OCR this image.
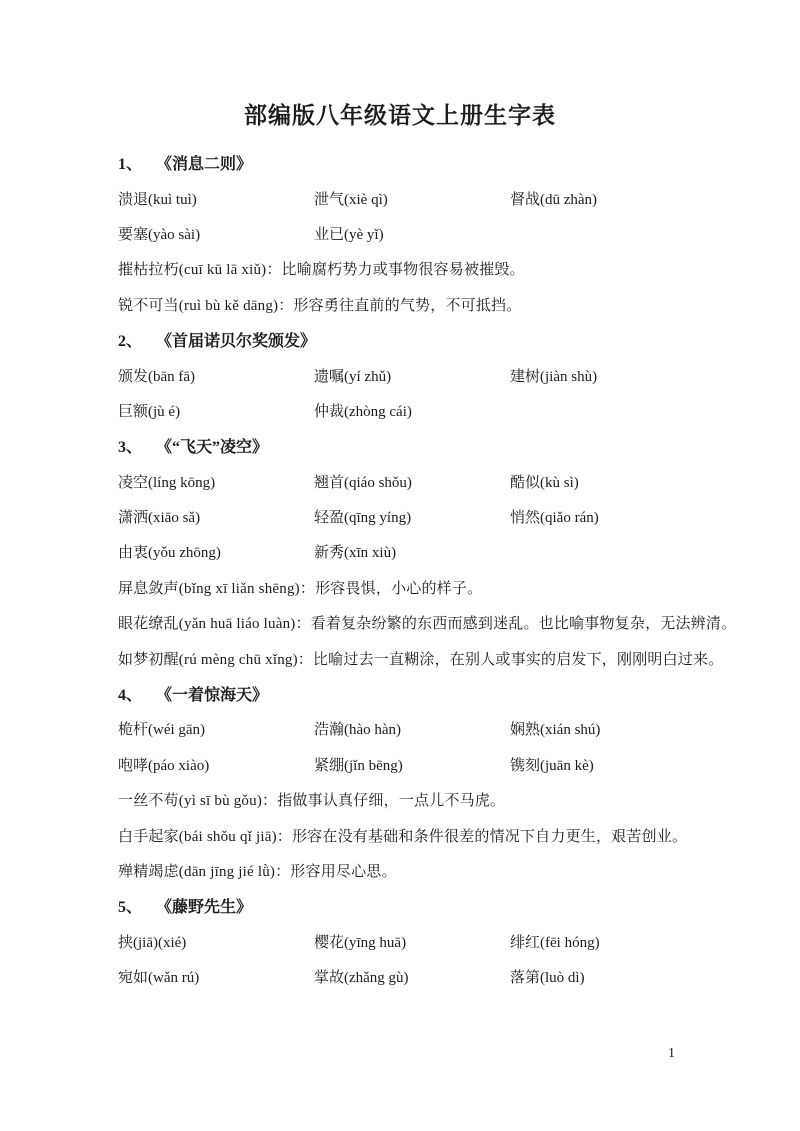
部编版八年级语文上册生字表
1、 《消息二则》
溃退(kuì tuì)	泄气(xiè qì)	督战(dū zhàn)
要塞(yào sài)	业已(yè yǐ)
摧枯拉朽(cuī kū lā xiǔ)：比喻腐朽势力或事物很容易被摧毁。
锐不可当(ruì bù kě dāng)：形容勇往直前的气势，不可抵挡。
2、 《首届诺贝尔奖颁发》
颁发(bān fā)	遗嘱(yí zhǔ)	建树(jiàn shù)
巨额(jù é)	仲裁(zhòng cái)
3、 《“飞天”凌空》
凌空(líng kōng)	翘首(qiáo shǒu)	酷似(kù sì)
潇洒(xiāo sǎ)	轻盈(qīng yíng)	悄然(qiǎo rán)
由衷(yǒu zhōng)	新秀(xīn xiù)
屏息敛声(bǐng xī liǎn shēng)：形容畏惧，小心的样子。
眼花缭乱(yǎn huā liáo luàn)：看着复杂纷繁的东西而感到迷乱。也比喻事物复杂，无法辨清。
如梦初醒(rú mèng chū xǐng)：比喻过去一直糊涂，在别人或事实的启发下，刚刚明白过来。
4、 《一着惊海天》
桅杆(wéi gān)	浩瀚(hào hàn)	娴熟(xián shú)
咆哮(páo xiào)	紧绷(jǐn bēng)	镌刻(juān kè)
一丝不苟(yì sī bù gǒu)：指做事认真仔细，一点儿不马虎。
白手起家(bái shǒu qǐ jiā)：形容在没有基础和条件很差的情况下自力更生，艰苦创业。
殚精竭虑(dān jīng jié lǜ)：形容用尽心思。
5、 《藤野先生》
挟(jiā)(xié)	樱花(yīng huā)	绯红(fēi hóng)
宛如(wǎn rú)	掌故(zhǎng gù)	落第(luò dì)
1
